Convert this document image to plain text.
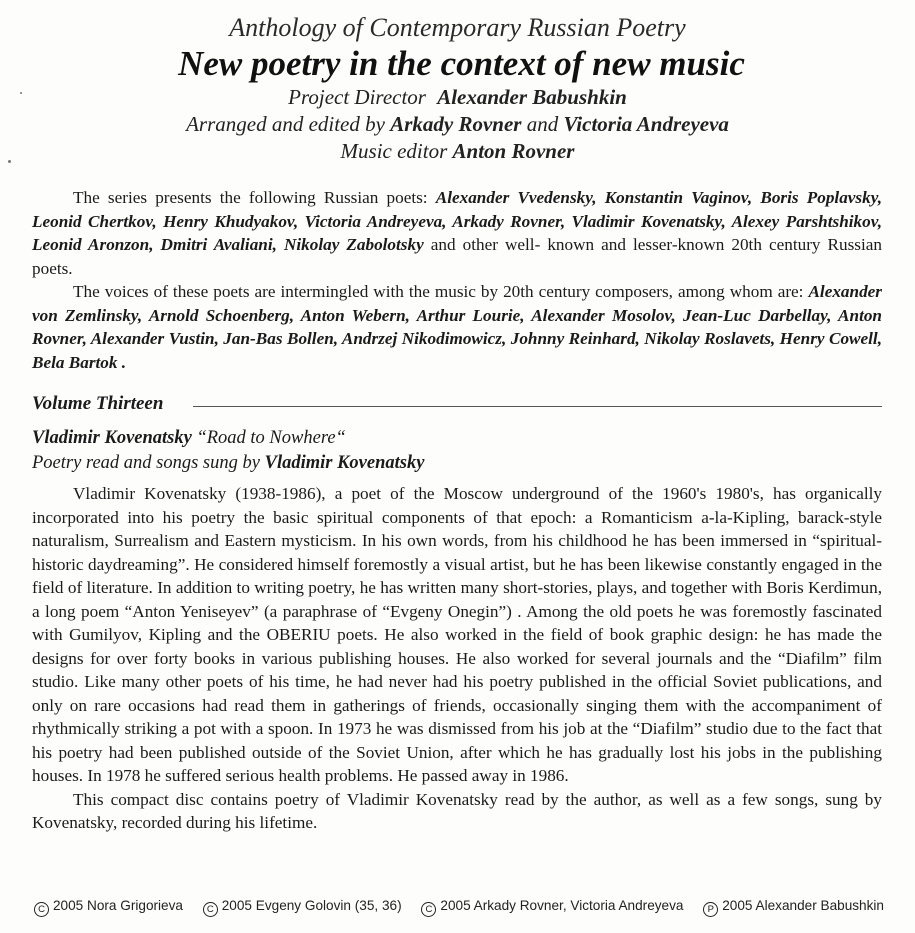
Anthology of Contemporary Russian Poetry
New poetry in the context of new music
Project Director Alexander Babushkin
Arranged and edited by Arkady Rovner and Victoria Andreyeva
Music editor Anton Rovner

The series presents the following Russian poets: Alexander Vvedensky, Konstantin Vaginov, Boris Poplavsky, Leonid Chertkov, Henry Khudyakov, Victoria Andreyeva, Arkady Rovner, Vladimir Kovenatsky, Alexey Parshtshikov, Leonid Aronzon, Dmitri Avaliani, Nikolay Zabolotsky and other well- known and lesser-known 20th century Russian poets.

The voices of these poets are intermingled with the music by 20th century composers, among whom are: Alexander von Zemlinsky, Arnold Schoenberg, Anton Webern, Arthur Lourie, Alexander Mosolov, Jean-Luc Darbellay, Anton Rovner, Alexander Vustin, Jan-Bas Bollen, Andrzej Nikodimowicz, Johnny Reinhard, Nikolay Roslavets, Henry Cowell, Bela Bartok .

Volume Thirteen
Vladimir Kovenatsky “Road to Nowhere“
Poetry read and songs sung by Vladimir Kovenatsky

Vladimir Kovenatsky (1938-1986), a poet of the Moscow underground of the 1960's 1980's, has organically incorporated into his poetry the basic spiritual components of that epoch: a Romanticism a-la-Kipling, barack-style naturalism, Surrealism and Eastern mysticism. In his own words, from his childhood he has been immersed in “spiritual-historic daydreaming”. He considered himself foremostly a visual artist, but he has been likewise constantly engaged in the field of literature. In addition to writing poetry, he has written many short-stories, plays, and together with Boris Kerdimun, a long poem “Anton Yeniseyev” (a paraphrase of “Evgeny Onegin”) . Among the old poets he was foremostly fascinated with Gumilyov, Kipling and the OBERIU poets. He also worked in the field of book graphic design: he has made the designs for over forty books in various publishing houses. He also worked for several journals and the “Diafilm” film studio. Like many other poets of his time, he had never had his poetry published in the official Soviet publications, and only on rare occasions had read them in gatherings of friends, occasionally singing them with the accompaniment of rhythmically striking a pot with a spoon. In 1973 he was dismissed from his job at the “Diafilm” studio due to the fact that his poetry had been published outside of the Soviet Union, after which he has gradually lost his jobs in the publishing houses. In 1978 he suffered serious health problems. He passed away in 1986.

This compact disc contains poetry of Vladimir Kovenatsky read by the author, as well as a few songs, sung by Kovenatsky, recorded during his lifetime.

C 2005 Nora Grigorieva	C 2005 Evgeny Golovin (35, 36)	C 2005 Arkady Rovner, Victoria Andreyeva	P 2005 Alexander Babushkin
